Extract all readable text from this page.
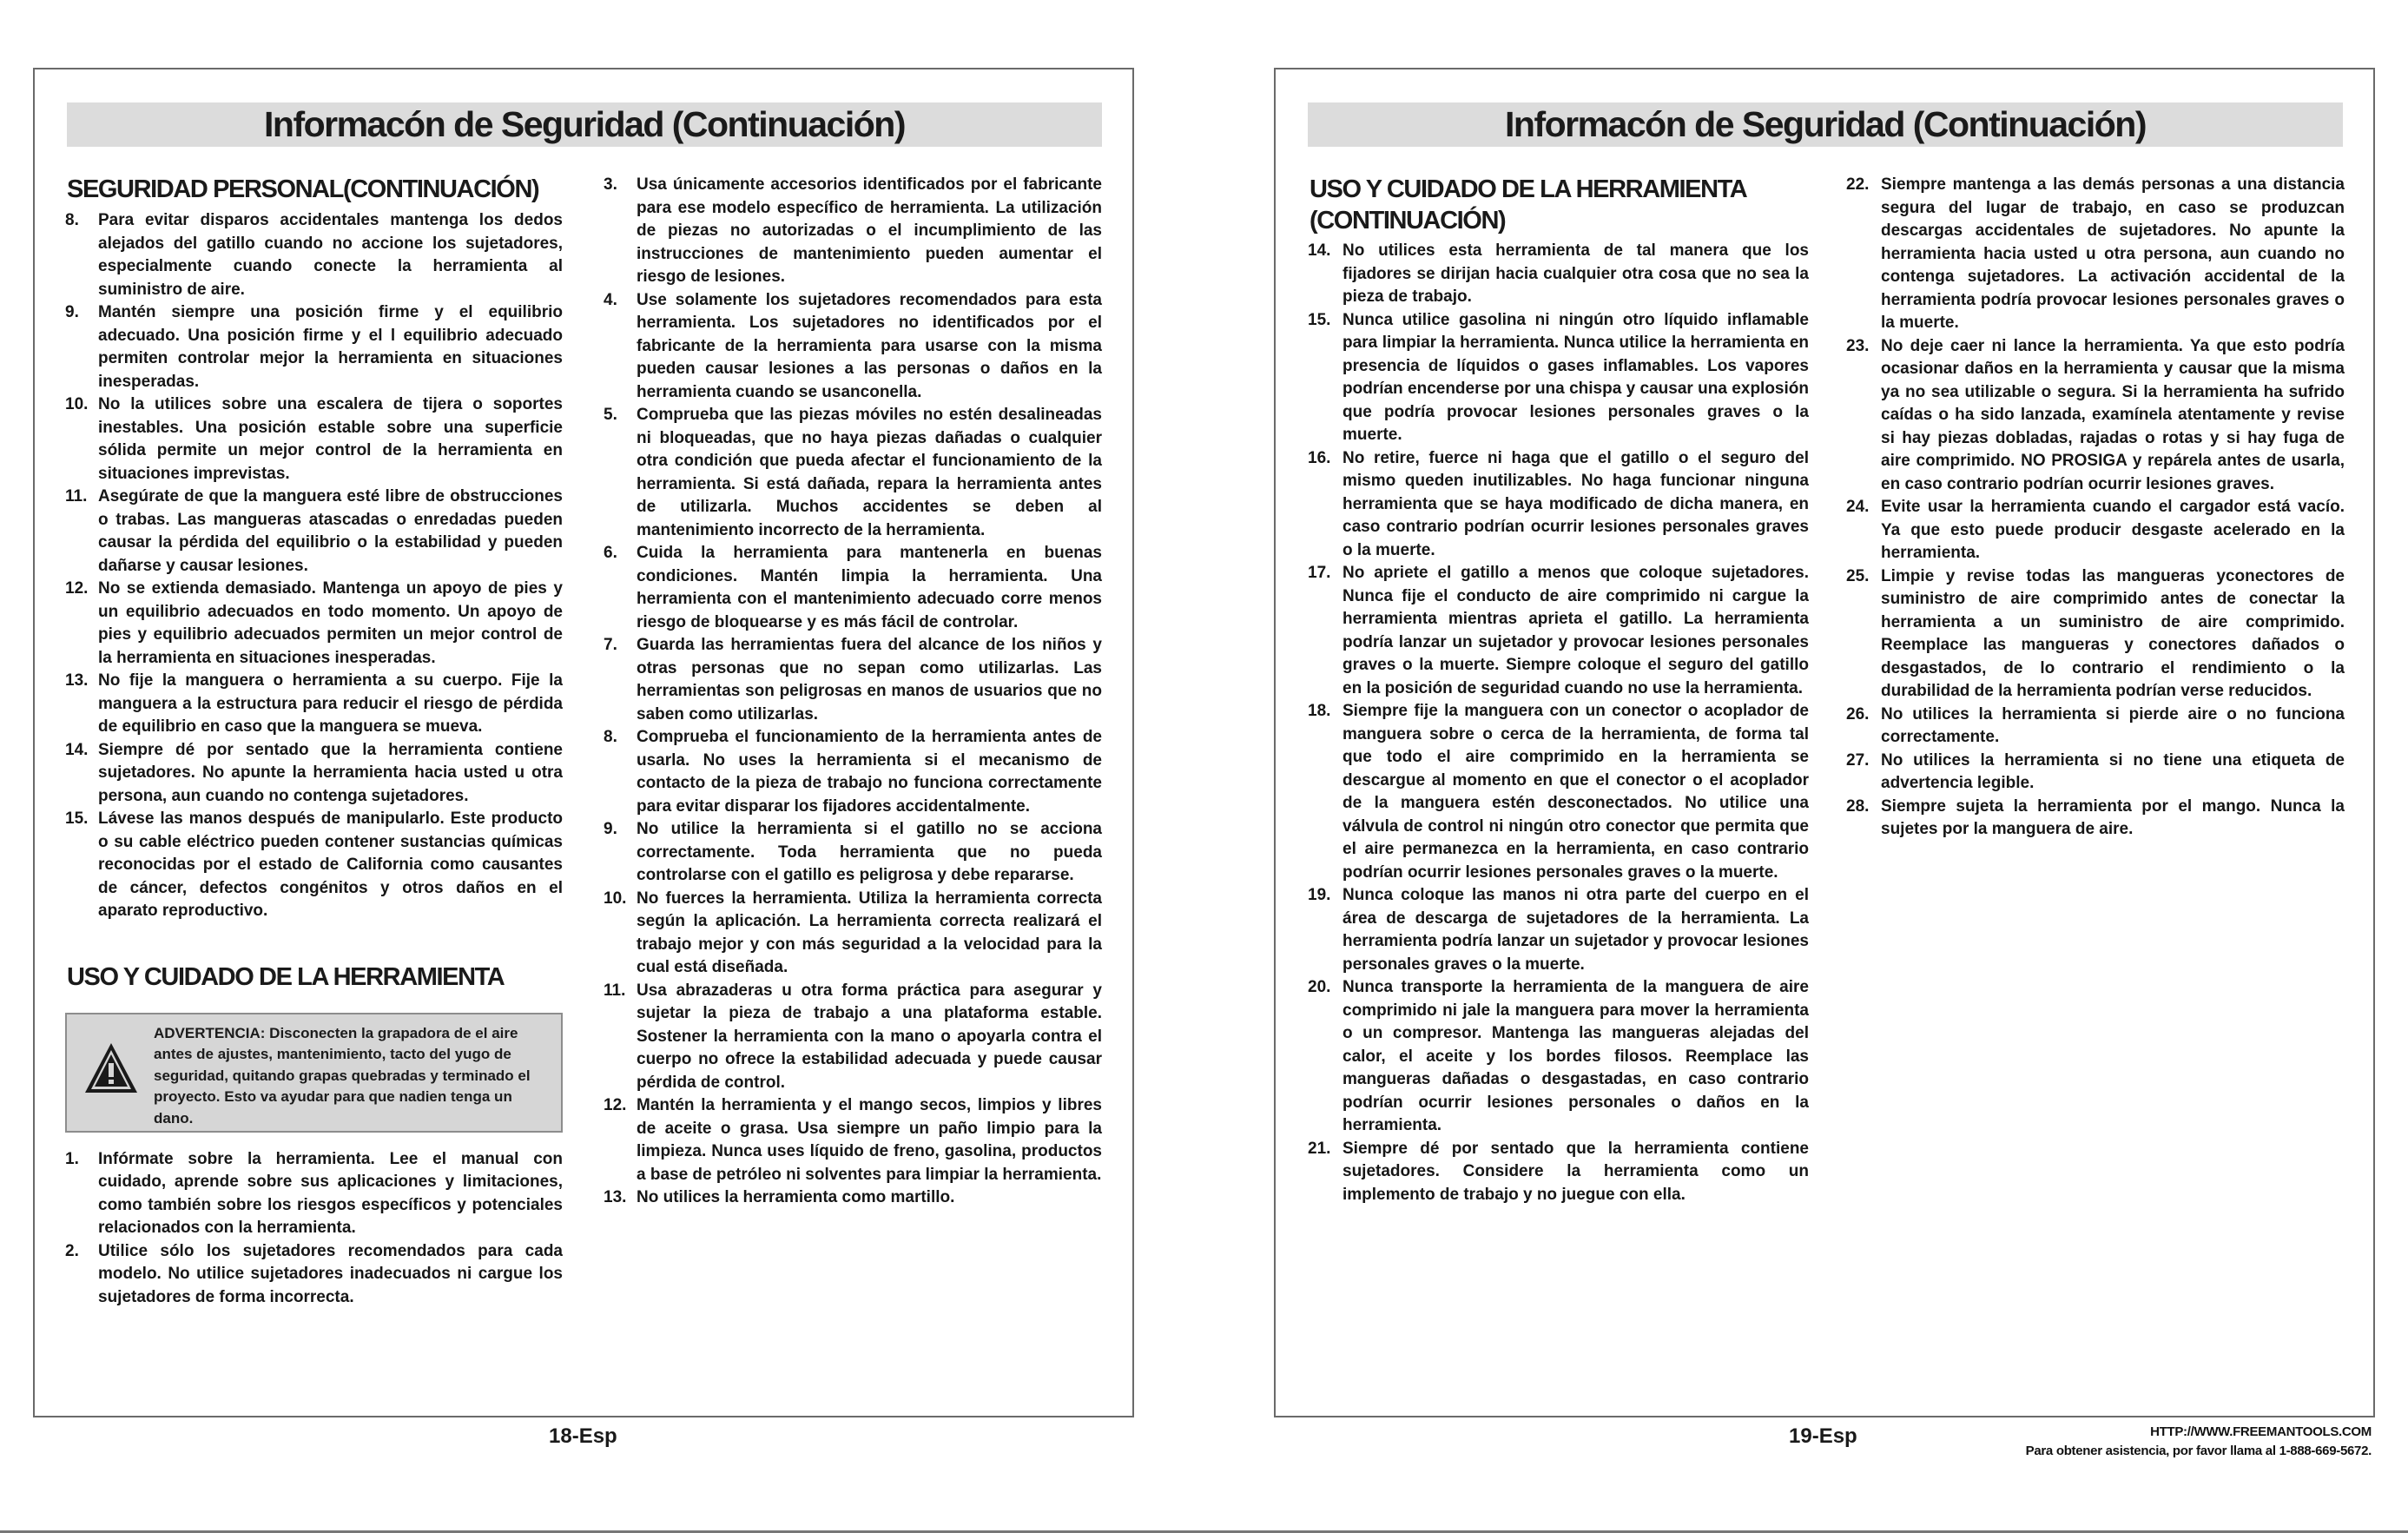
Informacón de Seguridad (Continuación)
SEGURIDAD PERSONAL(CONTINUACIÓN)
8. Para evitar disparos accidentales mantenga los dedos alejados del gatillo cuando no accione los sujetadores, especialmente cuando conecte la herramienta al suministro de aire.
9. Mantén siempre una posición firme y el equilibrio adecuado. Una posición firme y el l equilibrio adecuado permiten controlar mejor la herramienta en situaciones inesperadas.
10. No la utilices sobre una escalera de tijera o soportes inestables. Una posición estable sobre una superficie sólida permite un mejor control de la herramienta en situaciones imprevistas.
11. Asegúrate de que la manguera esté libre de obstrucciones o trabas. Las mangueras atascadas o enredadas pueden causar la pérdida del equilibrio o la estabilidad y pueden dañarse y causar lesiones.
12. No se extienda demasiado. Mantenga un apoyo de pies y un equilibrio adecuados en todo momento. Un apoyo de pies y equilibrio adecuados permiten un mejor control de la herramienta en situaciones inesperadas.
13. No fije la manguera o herramienta a su cuerpo. Fije la manguera a la estructura para reducir el riesgo de pérdida de equilibrio en caso que la manguera se mueva.
14. Siempre dé por sentado que la herramienta contiene sujetadores. No apunte la herramienta hacia usted u otra persona, aun cuando no contenga sujetadores.
15. Lávese las manos después de manipularlo. Este producto o su cable eléctrico pueden contener sustancias químicas reconocidas por el estado de California como causantes de cáncer, defectos congénitos y otros daños en el aparato reproductivo.
USO Y CUIDADO DE LA HERRAMIENTA
ADVERTENCIA: Disconecten la grapadora de el aire antes de ajustes, mantenimiento, tacto del yugo de seguridad, quitando grapas quebradas y terminado el proyecto. Esto va ayudar para que nadien tenga un dano.
1. Infórmate sobre la herramienta. Lee el manual con cuidado, aprende sobre sus aplicaciones y limitaciones, como también sobre los riesgos específicos y potenciales relacionados con la herramienta.
2. Utilice sólo los sujetadores recomendados para cada modelo. No utilice sujetadores inadecuados ni cargue los sujetadores de forma incorrecta.
3. Usa únicamente accesorios identificados por el fabricante para ese modelo específico de herramienta. La utilización de piezas no autorizadas o el incumplimiento de las instrucciones de mantenimiento pueden aumentar el riesgo de lesiones.
4. Use solamente los sujetadores recomendados para esta herramienta. Los sujetadores no identificados por el fabricante de la herramienta para usarse con la misma pueden causar lesiones a las personas o daños en la herramienta cuando se usanconella.
5. Comprueba que las piezas móviles no estén desalineadas ni bloqueadas, que no haya piezas dañadas o cualquier otra condición que pueda afectar el funcionamiento de la herramienta. Si está dañada, repara la herramienta antes de utilizarla. Muchos accidentes se deben al mantenimiento incorrecto de la herramienta.
6. Cuida la herramienta para mantenerla en buenas condiciones. Mantén limpia la herramienta. Una herramienta con el mantenimiento adecuado corre menos riesgo de bloquearse y es más fácil de controlar.
7. Guarda las herramientas fuera del alcance de los niños y otras personas que no sepan como utilizarlas. Las herramientas son peligrosas en manos de usuarios que no saben como utilizarlas.
8. Comprueba el funcionamiento de la herramienta antes de usarla. No uses la herramienta si el mecanismo de contacto de la pieza de trabajo no funciona correctamente para evitar disparar los fijadores accidentalmente.
9. No utilice la herramienta si el gatillo no se acciona correctamente. Toda herramienta que no pueda controlarse con el gatillo es peligrosa y debe repararse.
10. No fuerces la herramienta. Utiliza la herramienta correcta según la aplicación. La herramienta correcta realizará el trabajo mejor y con más seguridad a la velocidad para la cual está diseñada.
11. Usa abrazaderas u otra forma práctica para asegurar y sujetar la pieza de trabajo a una plataforma estable. Sostener la herramienta con la mano o apoyarla contra el cuerpo no ofrece la estabilidad adecuada y puede causar pérdida de control.
12. Mantén la herramienta y el mango secos, limpios y libres de aceite o grasa. Usa siempre un paño limpio para la limpieza. Nunca uses líquido de freno, gasolina, productos a base de petróleo ni solventes para limpiar la herramienta.
13. No utilices la herramienta como martillo.
18-Esp
Informacón de Seguridad (Continuación)
USO Y CUIDADO DE LA HERRAMIENTA
(CONTINUACIÓN)
14. No utilices esta herramienta de tal manera que los fijadores se dirijan hacia cualquier otra cosa que no sea la pieza de trabajo.
15. Nunca utilice gasolina ni ningún otro líquido inflamable para limpiar la herramienta. Nunca utilice la herramienta en presencia de líquidos o gases inflamables. Los vapores podrían encenderse por una chispa y causar una explosión que podría provocar lesiones personales graves o la muerte.
16. No retire, fuerce ni haga que el gatillo o el seguro del mismo queden inutilizables. No haga funcionar ninguna herramienta que se haya modificado de dicha manera, en caso contrario podrían ocurrir lesiones personales graves o la muerte.
17. No apriete el gatillo a menos que coloque sujetadores. Nunca fije el conducto de aire comprimido ni cargue la herramienta mientras aprieta el gatillo. La herramienta podría lanzar un sujetador y provocar lesiones personales graves o la muerte. Siempre coloque el seguro del gatillo en la posición de seguridad cuando no use la herramienta.
18. Siempre fije la manguera con un conector o acoplador de manguera sobre o cerca de la herramienta, de forma tal que todo el aire comprimido en la herramienta se descargue al momento en que el conector o el acoplador de la manguera estén desconectados. No utilice una válvula de control ni ningún otro conector que permita que el aire permanezca en la herramienta, en caso contrario podrían ocurrir lesiones personales graves o la muerte.
19. Nunca coloque las manos ni otra parte del cuerpo en el área de descarga de sujetadores de la herramienta. La herramienta podría lanzar un sujetador y provocar lesiones personales graves o la muerte.
20. Nunca transporte la herramienta de la manguera de aire comprimido ni jale la manguera para mover la herramienta o un compresor. Mantenga las mangueras alejadas del calor, el aceite y los bordes filosos. Reemplace las mangueras dañadas o desgastadas, en caso contrario podrían ocurrir lesiones personales o daños en la herramienta.
21. Siempre dé por sentado que la herramienta contiene sujetadores. Considere la herramienta como un implemento de trabajo y no juegue con ella.
22. Siempre mantenga a las demás personas a una distancia segura del lugar de trabajo, en caso se produzcan descargas accidentales de sujetadores. No apunte la herramienta hacia usted u otra persona, aun cuando no contenga sujetadores. La activación accidental de la herramienta podría provocar lesiones personales graves o la muerte.
23. No deje caer ni lance la herramienta. Ya que esto podría ocasionar daños en la herramienta y causar que la misma ya no sea utilizable o segura. Si la herramienta ha sufrido caídas o ha sido lanzada, examínela atentamente y revise si hay piezas dobladas, rajadas o rotas y si hay fuga de aire comprimido. NO PROSIGA y repárela antes de usarla, en caso contrario podrían ocurrir lesiones graves.
24. Evite usar la herramienta cuando el cargador está vacío. Ya que esto puede producir desgaste acelerado en la herramienta.
25. Limpie y revise todas las mangueras yconectores de suministro de aire comprimido antes de conectar la herramienta a un suministro de aire comprimido. Reemplace las mangueras y conectores dañados o desgastados, de lo contrario el rendimiento o la durabilidad de la herramienta podrían verse reducidos.
26. No utilices la herramienta si pierde aire o no funciona correctamente.
27. No utilices la herramienta si no tiene una etiqueta de advertencia legible.
28. Siempre sujeta la herramienta por el mango. Nunca la sujetes por la manguera de aire.
19-Esp	HTTP://WWW.FREEMANTOOLS.COM
Para obtener asistencia, por favor llama al 1-888-669-5672.
